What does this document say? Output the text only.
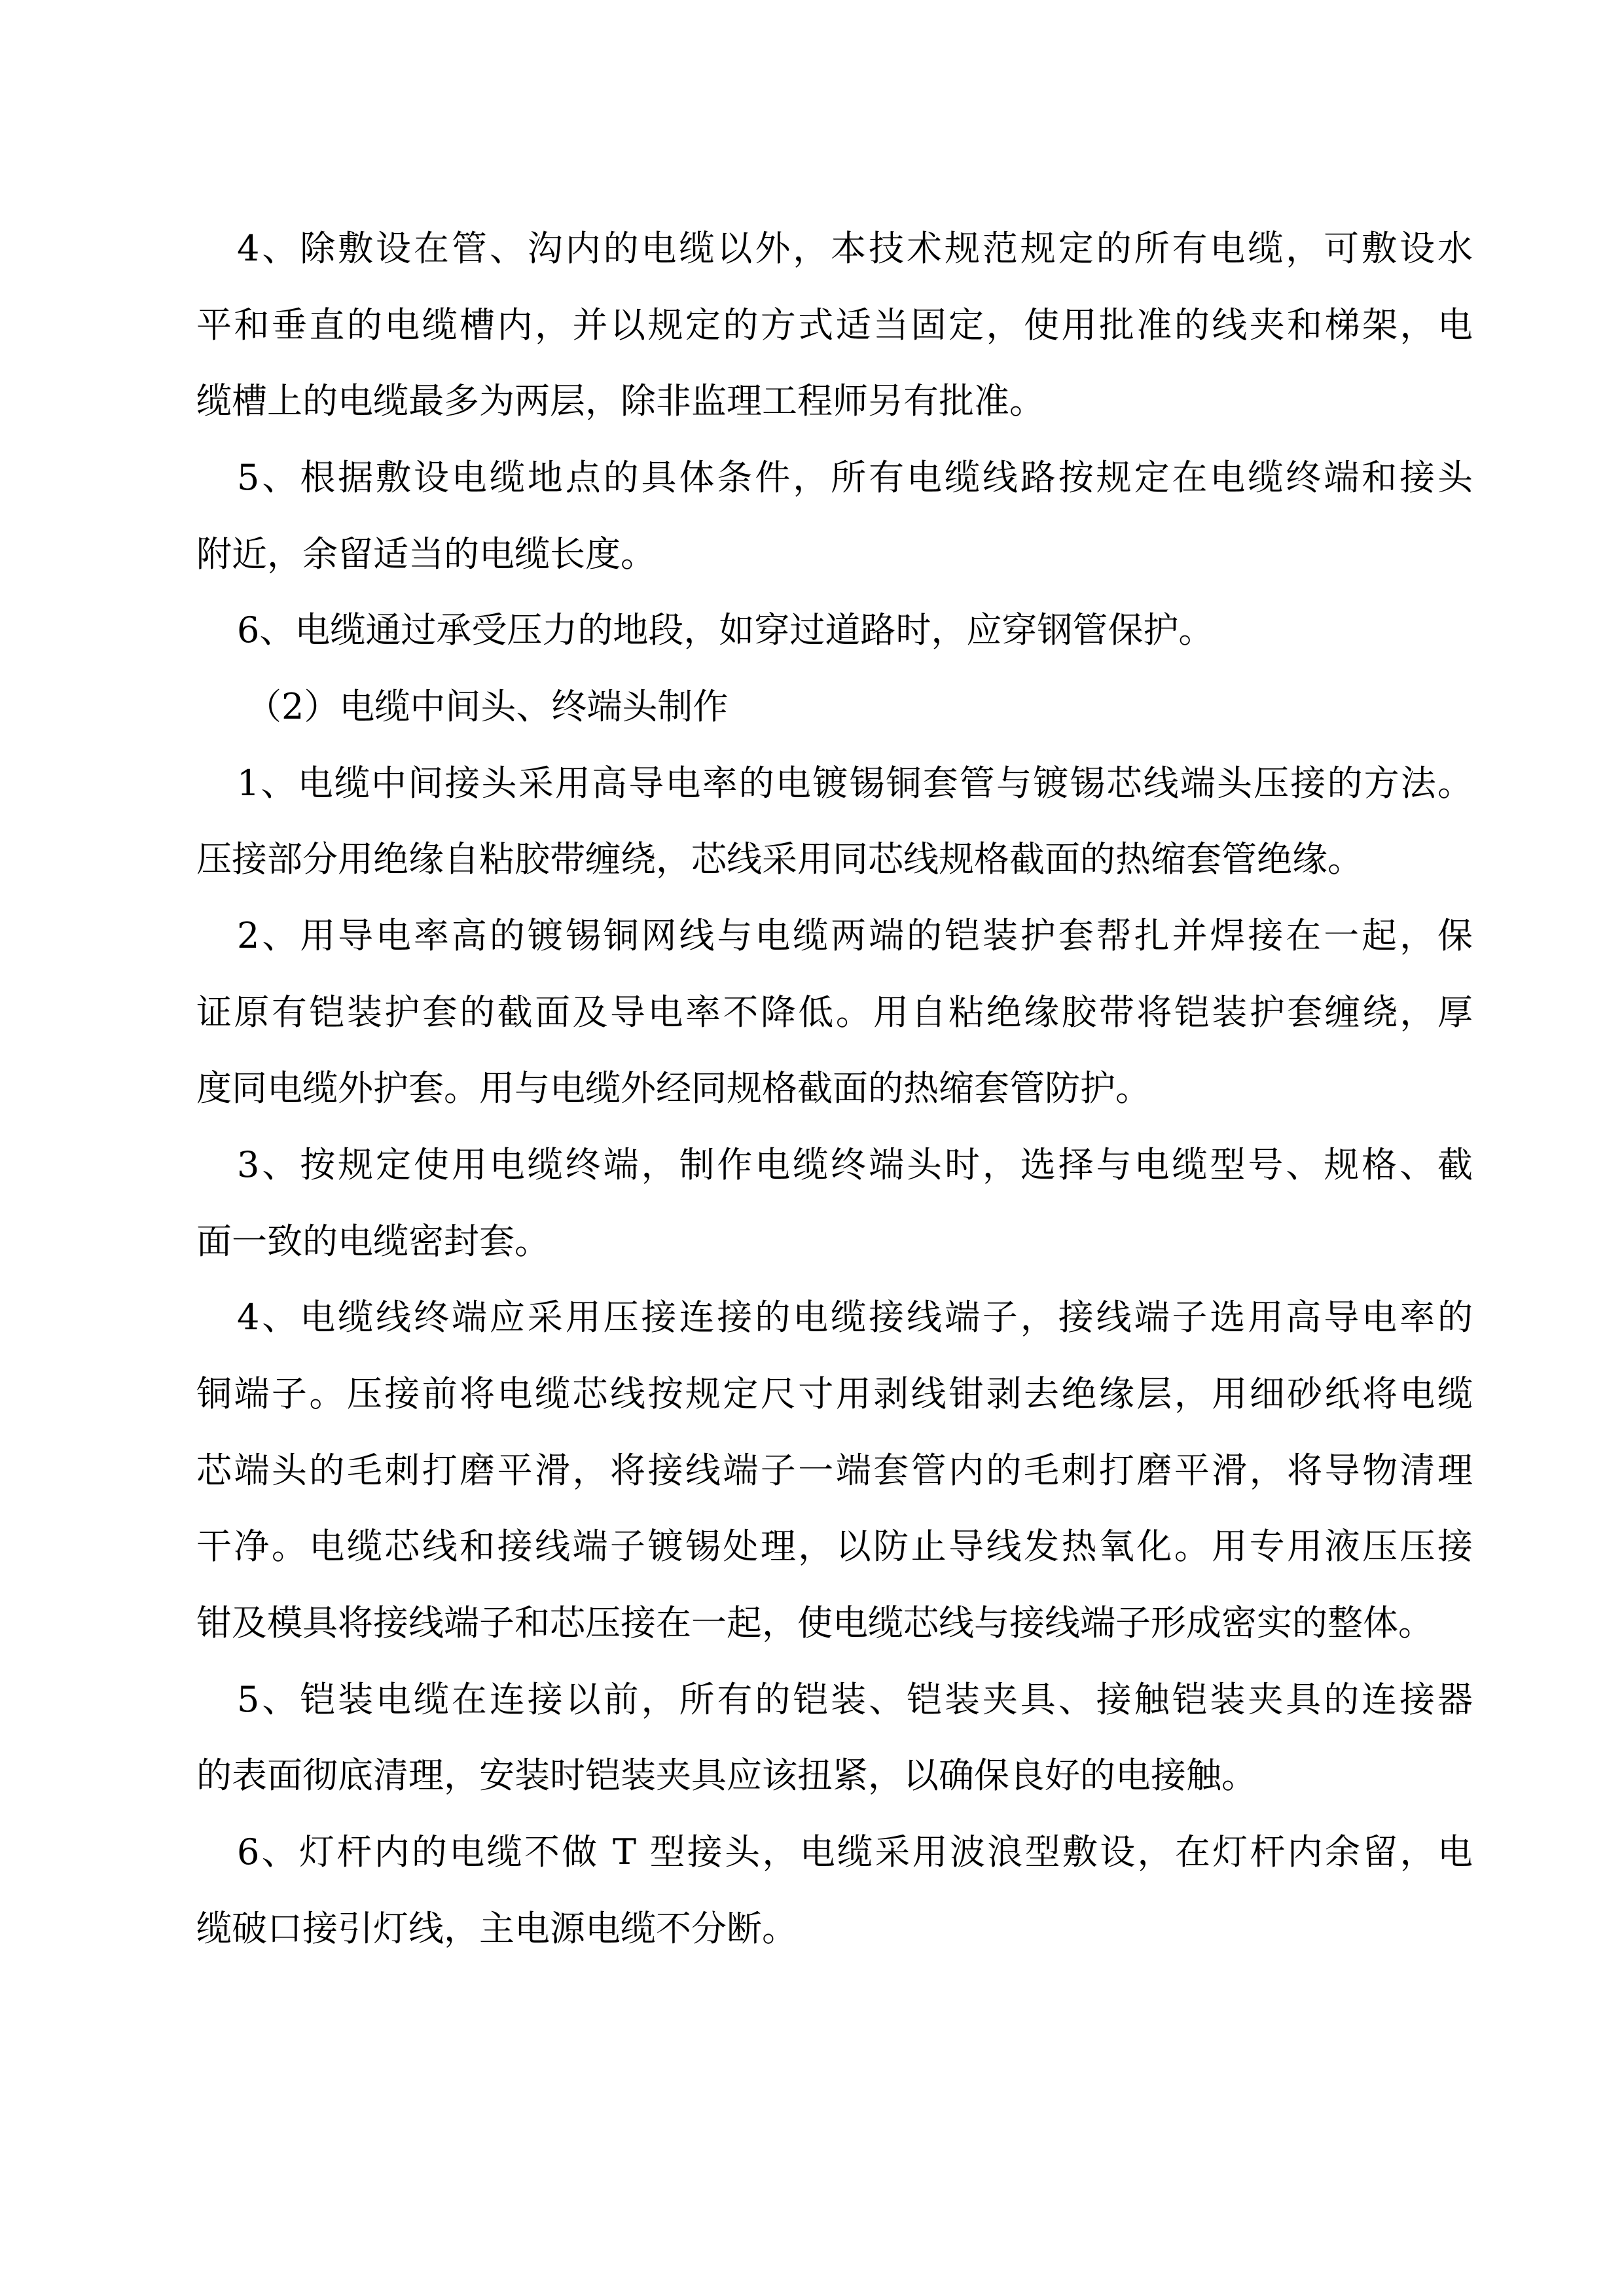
4、除敷设在管、沟内的电缆以外，本技术规范规定的所有电缆，可敷设水
平和垂直的电缆槽内，并以规定的方式适当固定，使用批准的线夹和梯架，电
缆槽上的电缆最多为两层，除非监理工程师另有批准。
5、根据敷设电缆地点的具体条件，所有电缆线路按规定在电缆终端和接头
附近，余留适当的电缆长度。
6、电缆通过承受压力的地段，如穿过道路时，应穿钢管保护。
（2）电缆中间头、终端头制作
1、电缆中间接头采用高导电率的电镀锡铜套管与镀锡芯线端头压接的方法。
压接部分用绝缘自粘胶带缠绕，芯线采用同芯线规格截面的热缩套管绝缘。
2、用导电率高的镀锡铜网线与电缆两端的铠装护套帮扎并焊接在一起，保
证原有铠装护套的截面及导电率不降低。用自粘绝缘胶带将铠装护套缠绕，厚
度同电缆外护套。用与电缆外经同规格截面的热缩套管防护。
3、按规定使用电缆终端，制作电缆终端头时，选择与电缆型号、规格、截
面一致的电缆密封套。
4、电缆线终端应采用压接连接的电缆接线端子，接线端子选用高导电率的
铜端子。压接前将电缆芯线按规定尺寸用剥线钳剥去绝缘层，用细砂纸将电缆
芯端头的毛刺打磨平滑，将接线端子一端套管内的毛刺打磨平滑，将导物清理
干净。电缆芯线和接线端子镀锡处理，以防止导线发热氧化。用专用液压压接
钳及模具将接线端子和芯压接在一起，使电缆芯线与接线端子形成密实的整体。
5、铠装电缆在连接以前，所有的铠装、铠装夹具、接触铠装夹具的连接器
的表面彻底清理，安装时铠装夹具应该扭紧，以确保良好的电接触。
6、灯杆内的电缆不做 T 型接头，电缆采用波浪型敷设，在灯杆内余留，电
缆破口接引灯线，主电源电缆不分断。
